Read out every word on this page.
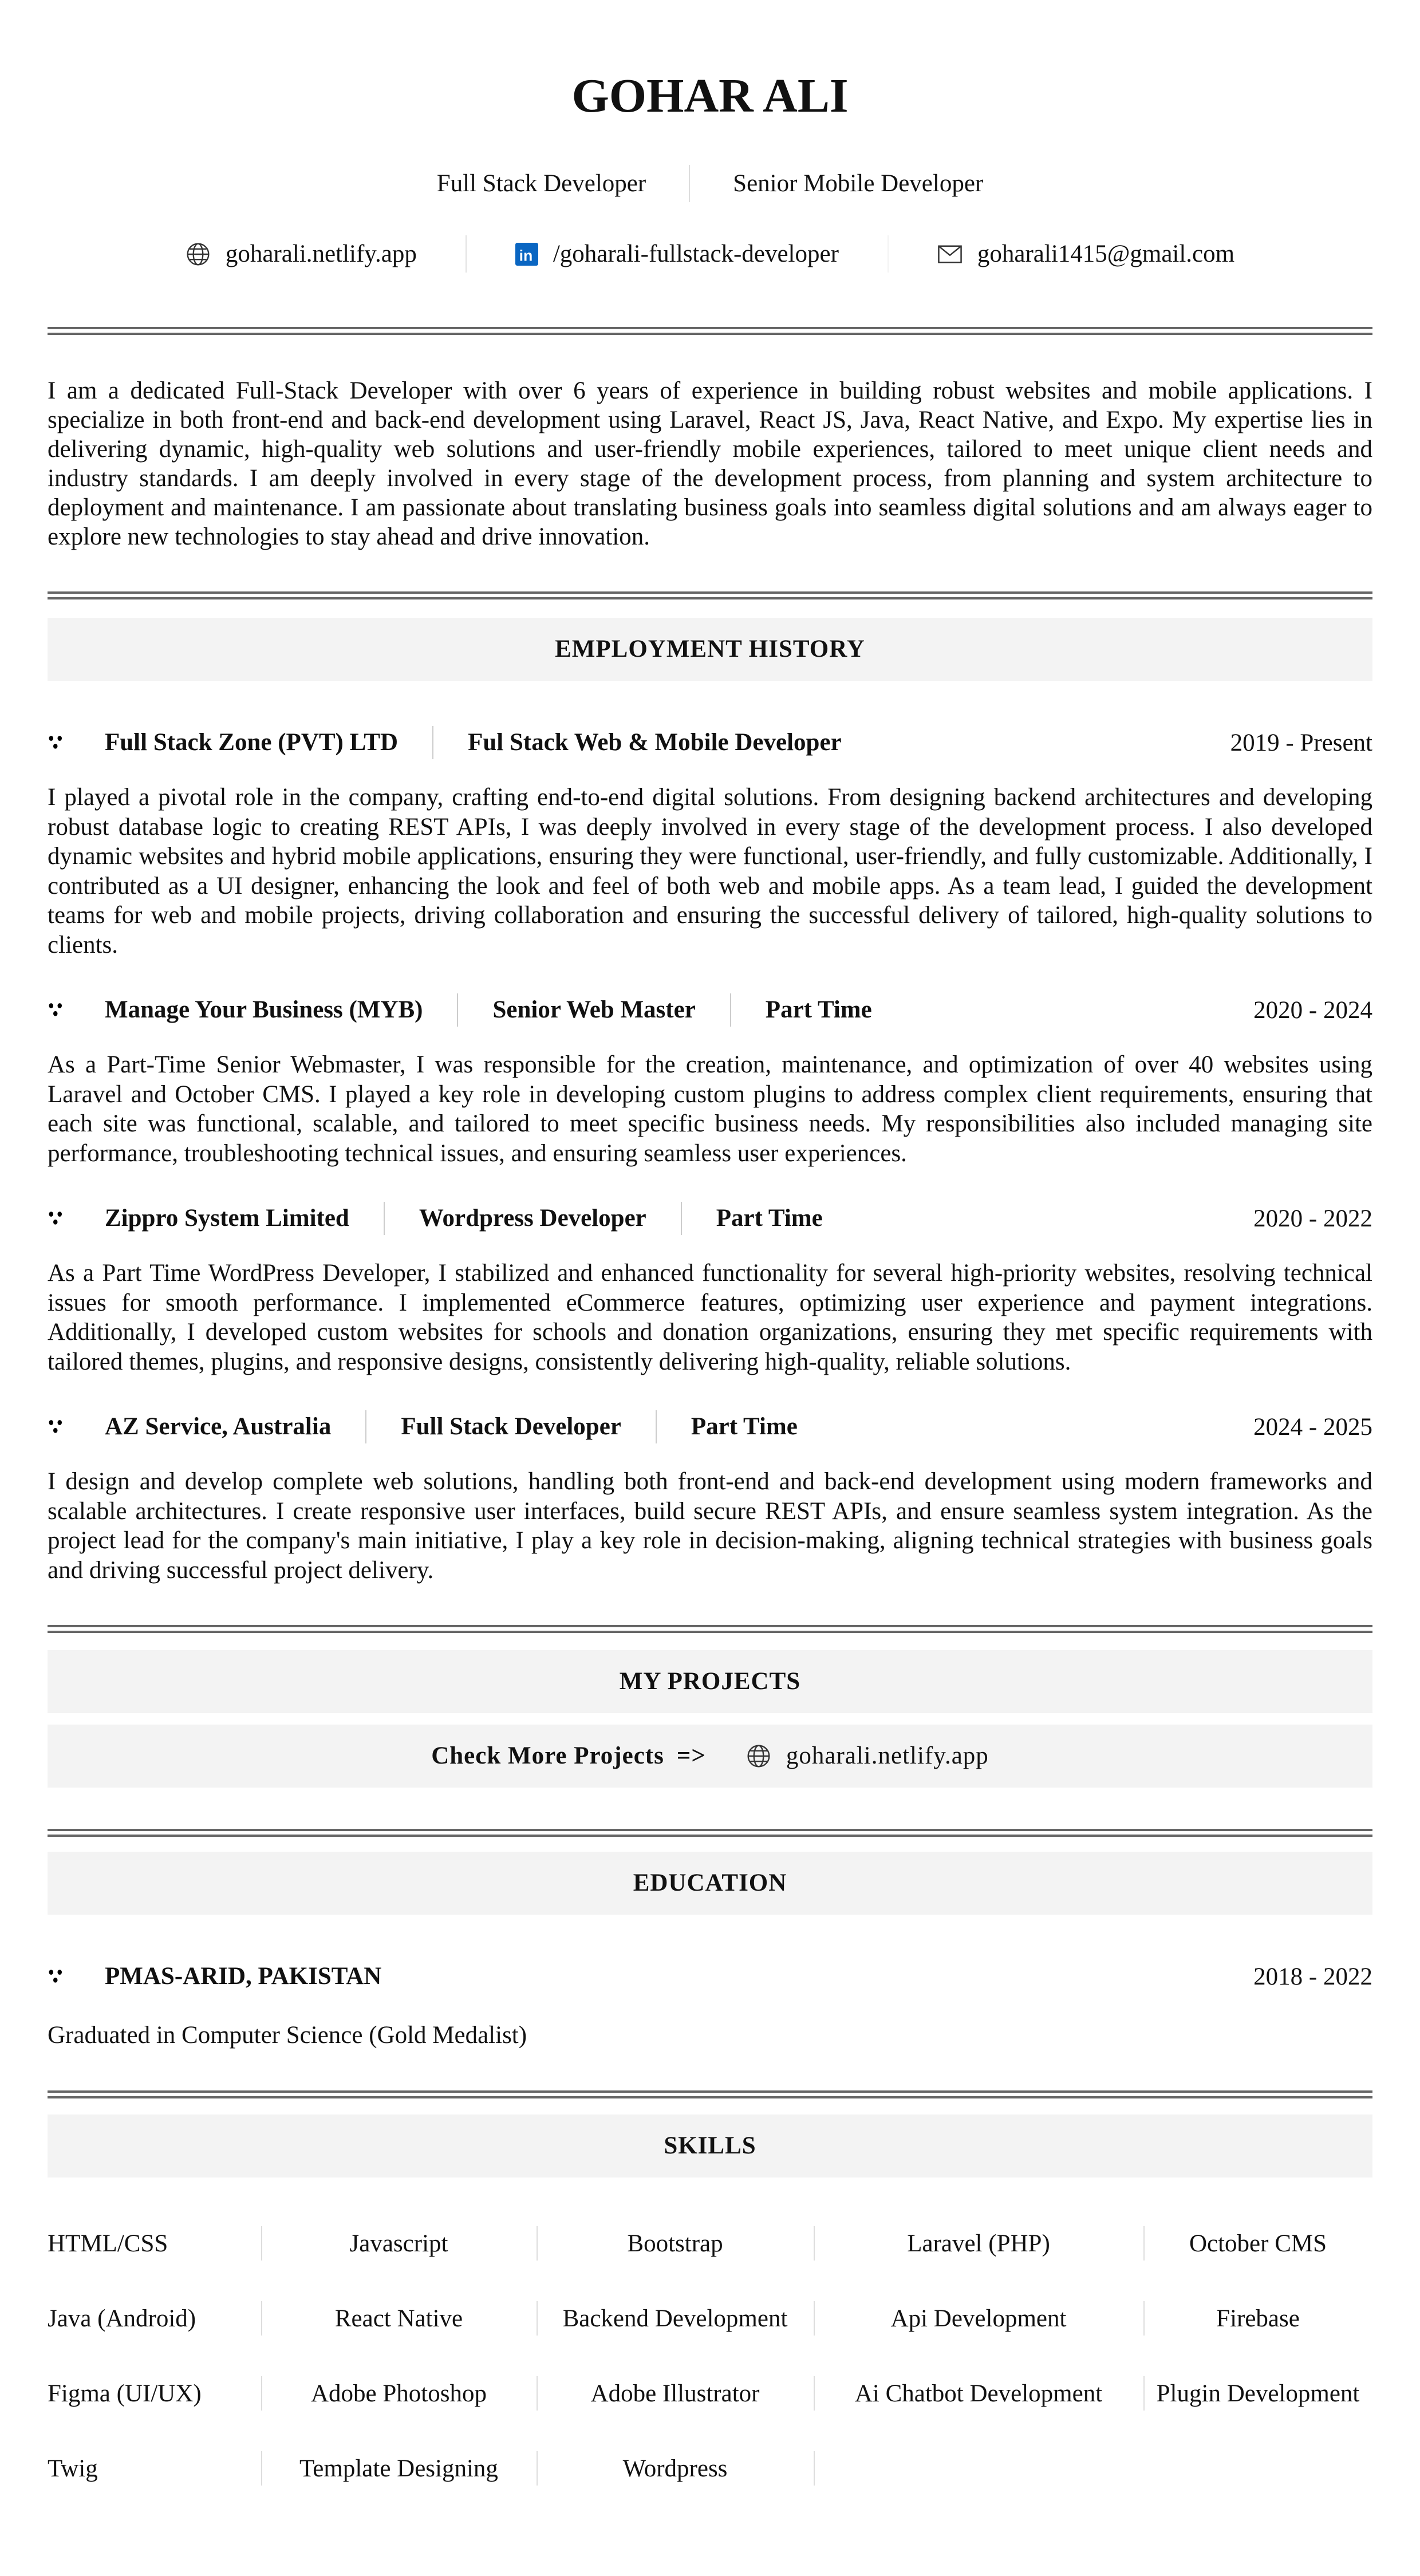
GOHAR ALI
Full Stack Developer	Senior Mobile Developer
goharali.netlify.app	in /goharali-fullstack-developer	goharali1415@gmail.com

I am a dedicated Full-Stack Developer with over 6 years of experience in building robust websites and mobile applications. I specialize in both front-end and back-end development using Laravel, React JS, Java, React Native, and Expo. My expertise lies in delivering dynamic, high-quality web solutions and user-friendly mobile experiences, tailored to meet unique client needs and industry standards. I am deeply involved in every stage of the development process, from planning and system architecture to deployment and maintenance. I am passionate about translating business goals into seamless digital solutions and am always eager to explore new technologies to stay ahead and drive innovation.

EMPLOYMENT HISTORY
Full Stack Zone (PVT) LTD	Ful Stack Web & Mobile Developer	2019 - Present

I played a pivotal role in the company, crafting end-to-end digital solutions. From designing backend architectures and developing robust database logic to creating REST APIs, I was deeply involved in every stage of the development process. I also developed dynamic websites and hybrid mobile applications, ensuring they were functional, user-friendly, and fully customizable. Additionally, I contributed as a UI designer, enhancing the look and feel of both web and mobile apps. As a team lead, I guided the development teams for web and mobile projects, driving collaboration and ensuring the successful delivery of tailored, high-quality solutions to clients.

Manage Your Business (MYB)	Senior Web Master	Part Time	2020 - 2024

As a Part-Time Senior Webmaster, I was responsible for the creation, maintenance, and optimization of over 40 websites using Laravel and October CMS. I played a key role in developing custom plugins to address complex client requirements, ensuring that each site was functional, scalable, and tailored to meet specific business needs. My responsibilities also included managing site performance, troubleshooting technical issues, and ensuring seamless user experiences.

Zippro System Limited	Wordpress Developer	Part Time	2020 - 2022

As a Part Time WordPress Developer, I stabilized and enhanced functionality for several high-priority websites, resolving technical issues for smooth performance. I implemented eCommerce features, optimizing user experience and payment integrations. Additionally, I developed custom websites for schools and donation organizations, ensuring they met specific requirements with tailored themes, plugins, and responsive designs, consistently delivering high-quality, reliable solutions.

AZ Service, Australia	Full Stack Developer	Part Time	2024 - 2025

I design and develop complete web solutions, handling both front-end and back-end development using modern frameworks and scalable architectures. I create responsive user interfaces, build secure REST APIs, and ensure seamless system integration. As the project lead for the company's main initiative, I play a key role in decision-making, aligning technical strategies with business goals and driving successful project delivery.

MY PROJECTS
Check More Projects =>	goharali.netlify.app
EDUCATION
PMAS-ARID, PAKISTAN	2018 - 2022

Graduated in Computer Science (Gold Medalist)

SKILLS
HTML/CSS	Javascript	Bootstrap	Laravel (PHP)	October CMS
Java (Android)	React Native	Backend Development	Api Development	Firebase
Figma (UI/UX)	Adobe Photoshop	Adobe Illustrator	Ai Chatbot Development	Plugin Development
Twig	Template Designing	Wordpress
